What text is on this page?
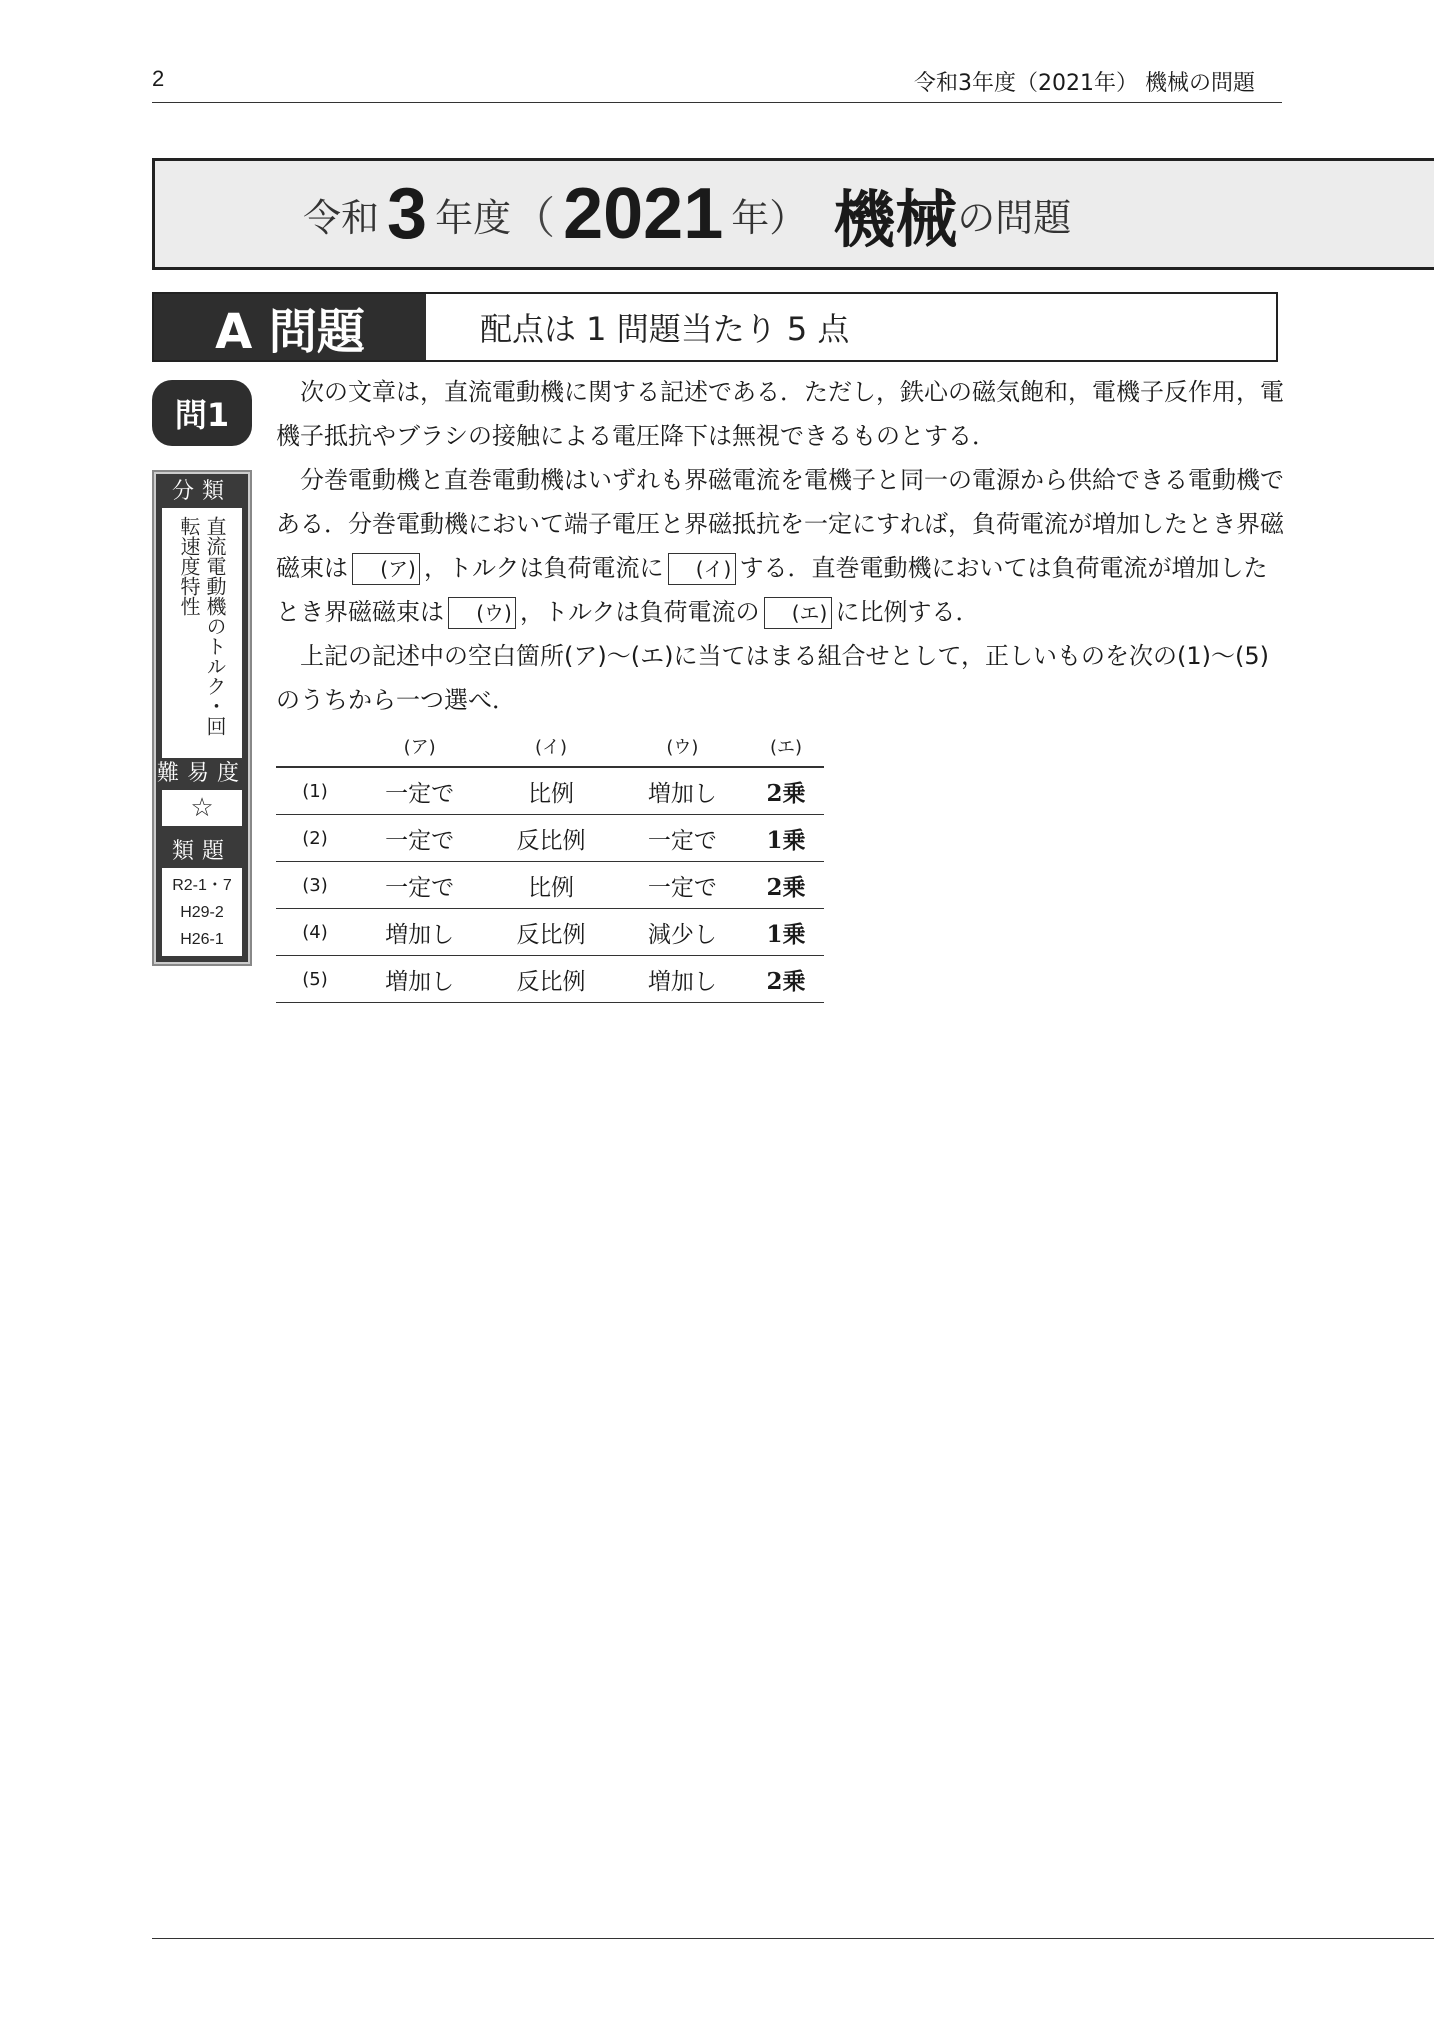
2	令和3年度（2021年） 機械の問題
令和 3 年度 （ 2021 年） 機械 の問題
A 問題	配点は 1 問題当たり 5 点
問1
分類
直流電動機のトルク・回転速度特性
難易度
☆
類題
R2-1・7
H29-2
H26-1

次の文章は，直流電動機に関する記述である．ただし，鉄心の磁気飽和，電機子反作用，電機子抵抗やブラシの接触による電圧降下は無視できるものとする．

分巻電動機と直巻電動機はいずれも界磁電流を電機子と同一の電源から供給できる電動機である．分巻電動機において端子電圧と界磁抵抗を一定にすれば，負荷電流が増加したとき界磁磁束は (ア) ，トルクは負荷電流に (イ) する．直巻電動機においては負荷電流が増加したとき界磁磁束は (ウ) ，トルクは負荷電流の (エ) に比例する．

上記の記述中の空白箇所(ア)〜(エ)に当てはまる組合せとして，正しいものを次の(1)〜(5)のうちから一つ選べ．

	(ア)	(イ)	(ウ)	(エ)
(1)	一定で	比例	増加し	2乗
(2)	一定で	反比例	一定で	1乗
(3)	一定で	比例	一定で	2乗
(4)	増加し	反比例	減少し	1乗
(5)	増加し	反比例	増加し	2乗
